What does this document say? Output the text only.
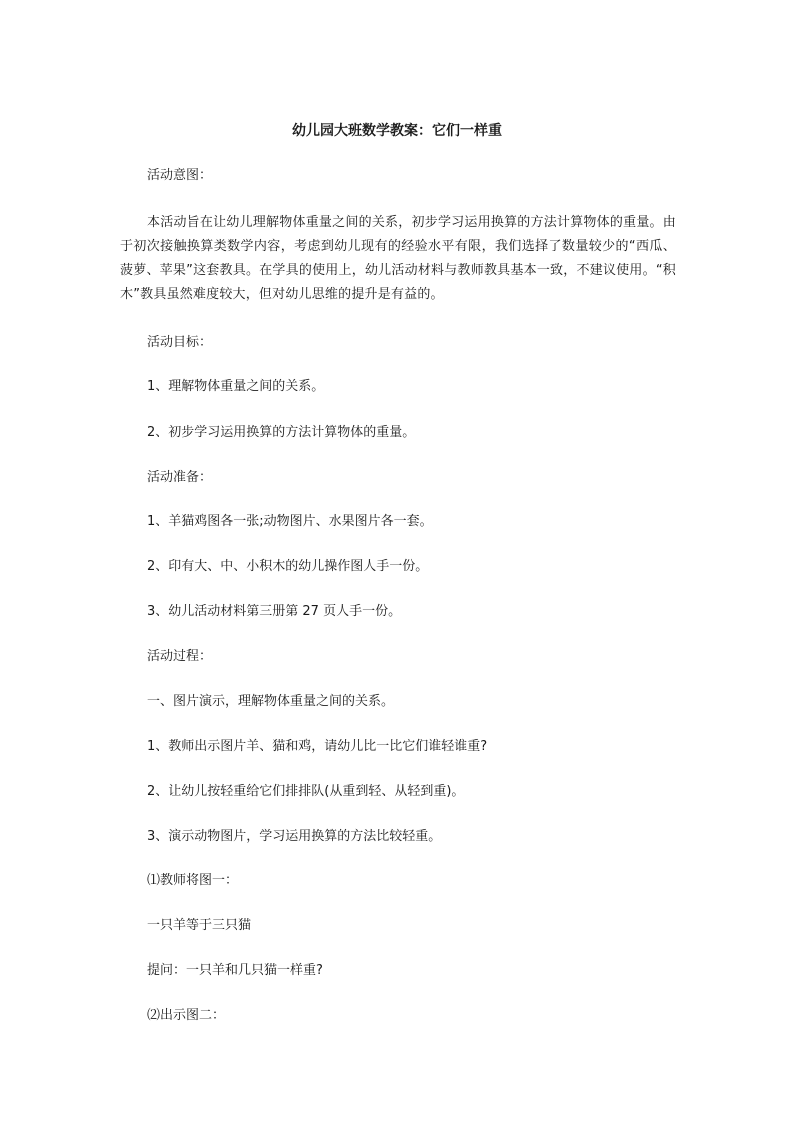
幼儿园大班数学教案：它们一样重
活动意图：
本活动旨在让幼儿理解物体重量之间的关系，初步学习运用换算的方法计算物体的重量。由于初次接触换算类数学内容，考虑到幼儿现有的经验水平有限，我们选择了数量较少的“西瓜、菠萝、苹果”这套教具。在学具的使用上，幼儿活动材料与教师教具基本一致，不建议使用。“积木”教具虽然难度较大，但对幼儿思维的提升是有益的。
活动目标：
1、理解物体重量之间的关系。
2、初步学习运用换算的方法计算物体的重量。
活动准备：
1、羊猫鸡图各一张;动物图片、水果图片各一套。
2、印有大、中、小积木的幼儿操作图人手一份。
3、幼儿活动材料第三册第 27 页人手一份。
活动过程：
一、图片演示，理解物体重量之间的关系。
1、教师出示图片羊、猫和鸡，请幼儿比一比它们谁轻谁重?
2、让幼儿按轻重给它们排排队(从重到轻、从轻到重)。
3、演示动物图片，学习运用换算的方法比较轻重。
⑴教师将图一：
一只羊等于三只猫
提问：一只羊和几只猫一样重?
⑵出示图二：
